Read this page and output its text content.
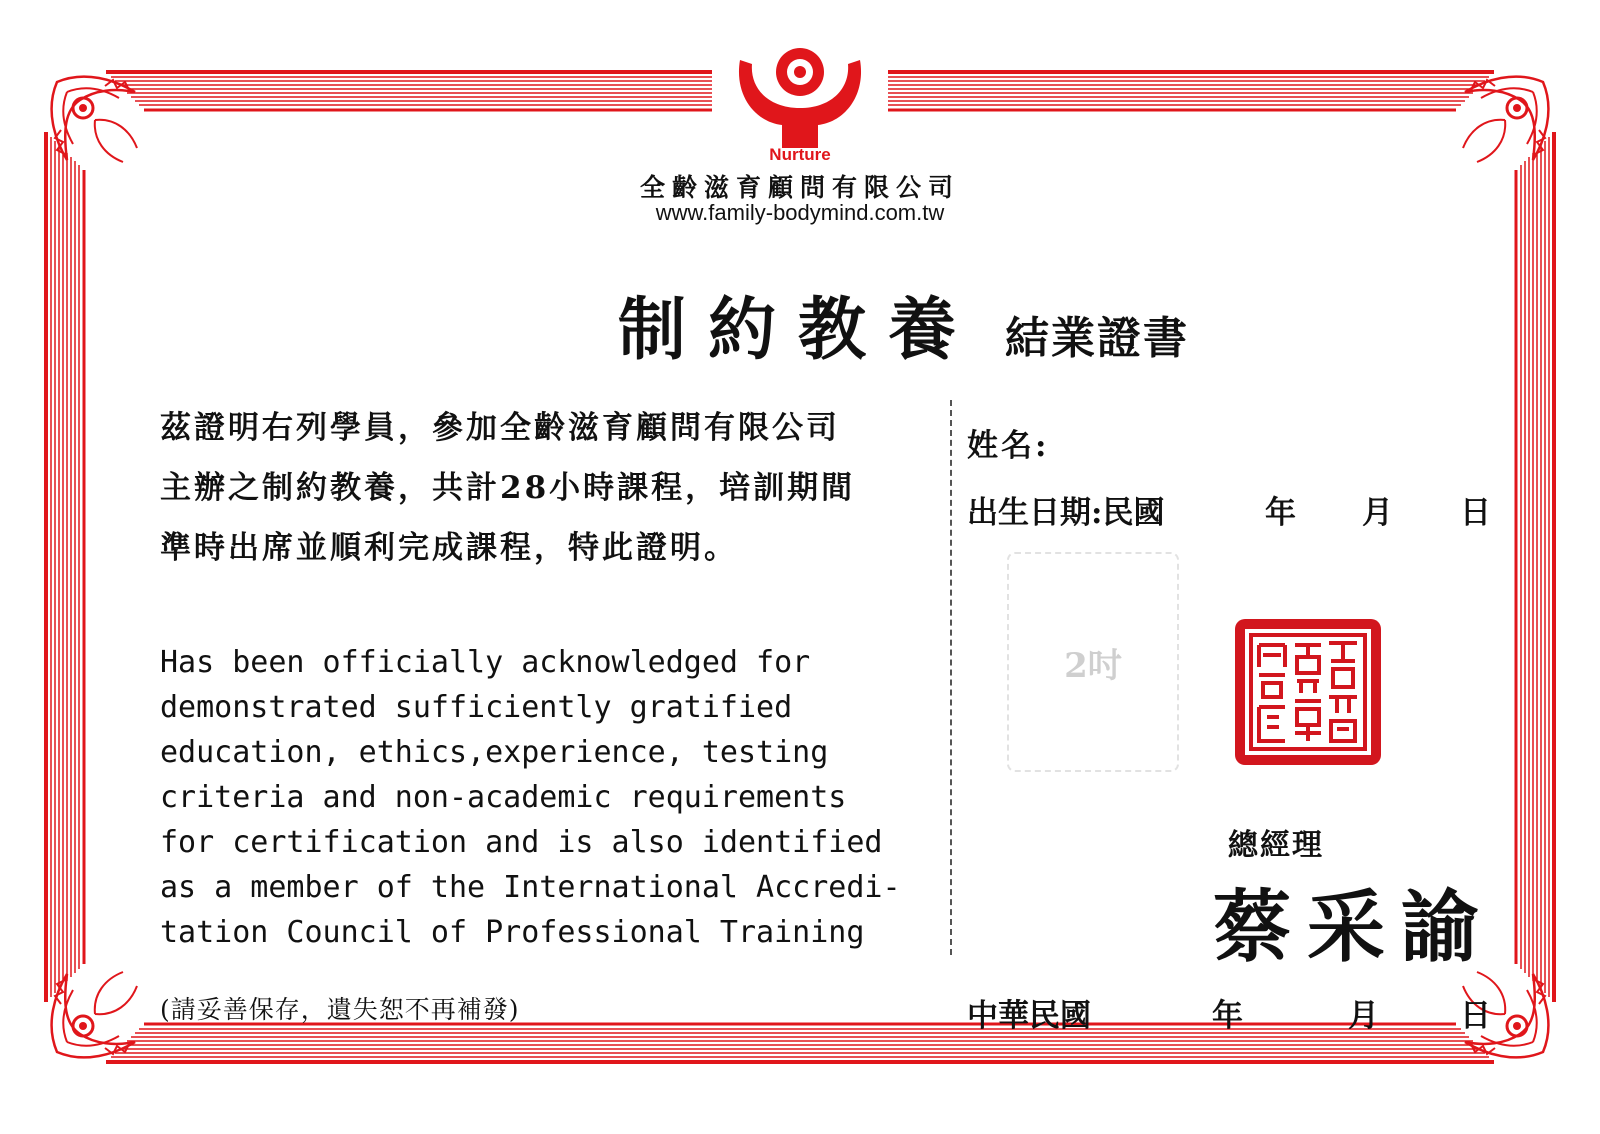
Nurture
全齡滋育顧問有限公司
www.family-bodymind.com.tw
制約教養 結業證書
茲證明右列學員，參加全齡滋育顧問有限公司
主辦之制約教養，共計28小時課程，培訓期間
準時出席並順利完成課程，特此證明。
Has been officially acknowledged for
demonstrated sufficiently gratified
education, ethics,experience, testing
criteria and non-academic requirements
for certification and is also identified
as a member of the International Accredi-
tation Council of Professional Training
姓名:
出生日期:民國	年 月 日
2吋
全齡滋育顧問有限公司
總經理
蔡采諭
(請妥善保存，遺失恕不再補發)	中華民國	年	月	日
